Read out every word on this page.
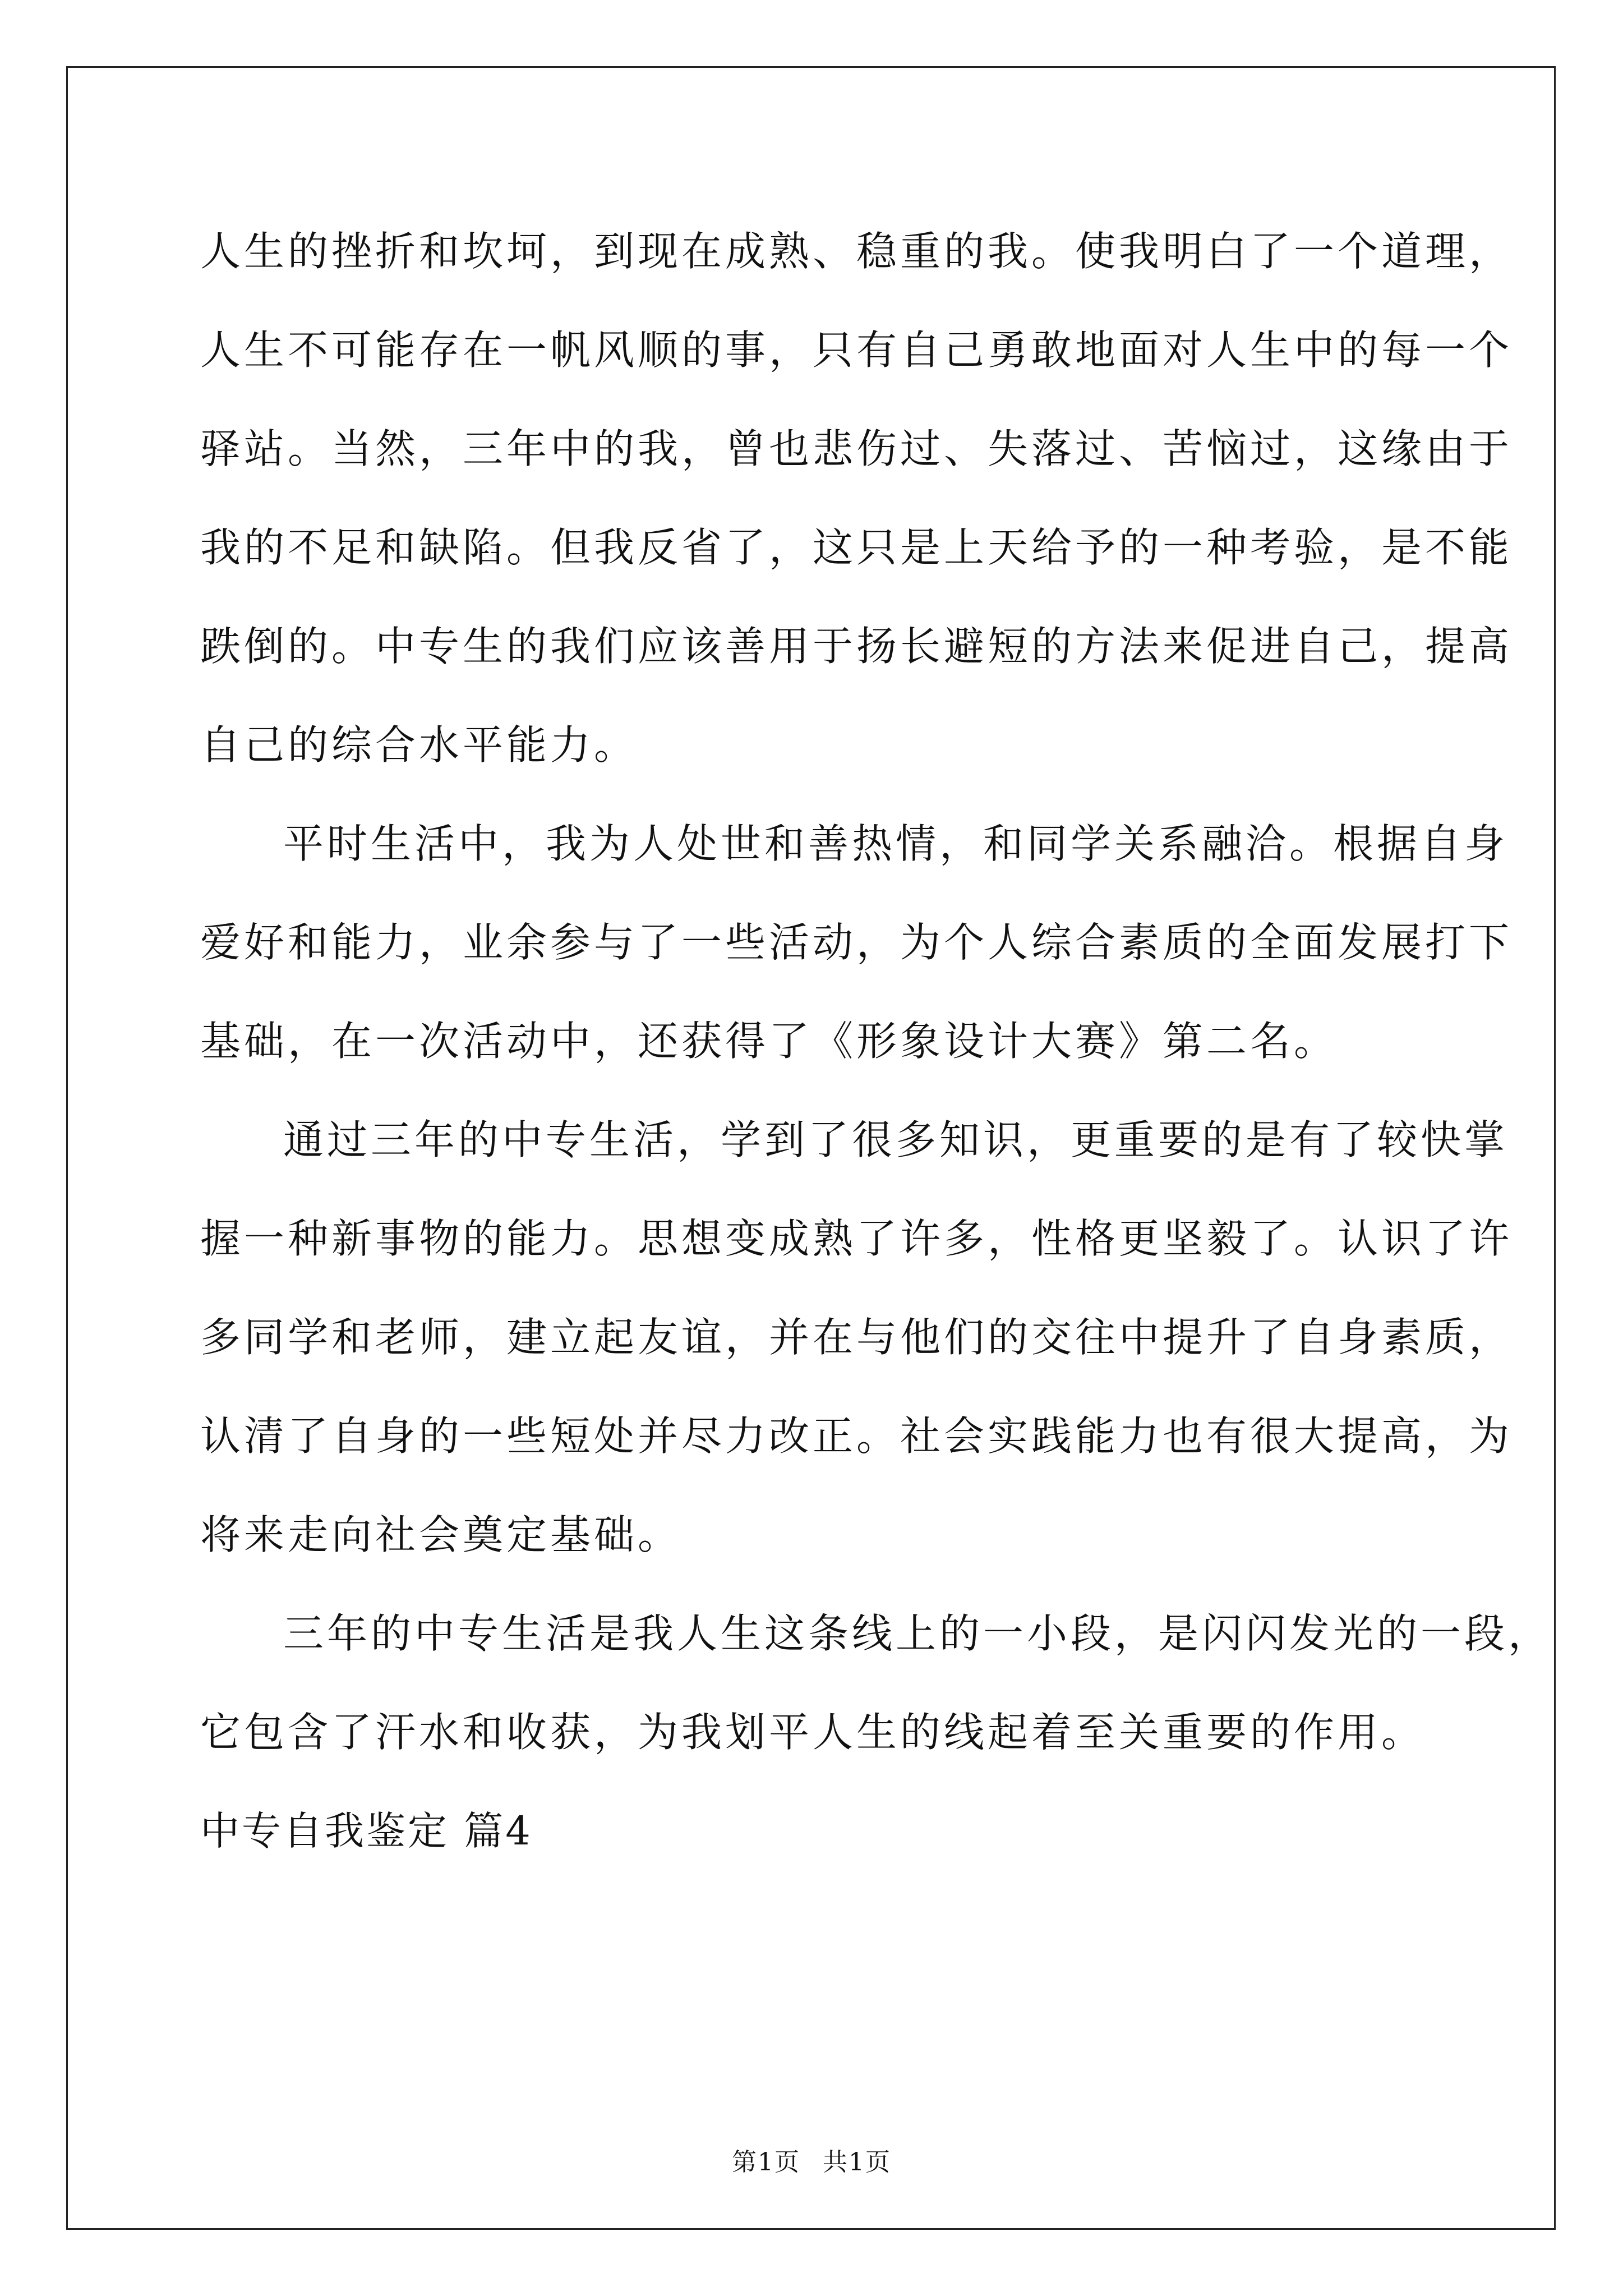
人生的挫折和坎坷，到现在成熟、稳重的我。使我明白了一个道理，
人生不可能存在一帆风顺的事，只有自己勇敢地面对人生中的每一个
驿站。当然，三年中的我，曾也悲伤过、失落过、苦恼过，这缘由于
我的不足和缺陷。但我反省了，这只是上天给予的一种考验，是不能
跌倒的。中专生的我们应该善用于扬长避短的方法来促进自己，提高
自己的综合水平能力。
平时生活中，我为人处世和善热情，和同学关系融洽。根据自身
爱好和能力，业余参与了一些活动，为个人综合素质的全面发展打下
基础，在一次活动中，还获得了《形象设计大赛》第二名。
通过三年的中专生活，学到了很多知识，更重要的是有了较快掌
握一种新事物的能力。思想变成熟了许多，性格更坚毅了。认识了许
多同学和老师，建立起友谊，并在与他们的交往中提升了自身素质，
认清了自身的一些短处并尽力改正。社会实践能力也有很大提高，为
将来走向社会奠定基础。
三年的中专生活是我人生这条线上的一小段，是闪闪发光的一段，
它包含了汗水和收获，为我划平人生的线起着至关重要的作用。
中专自我鉴定 篇4
第1页 共1页
